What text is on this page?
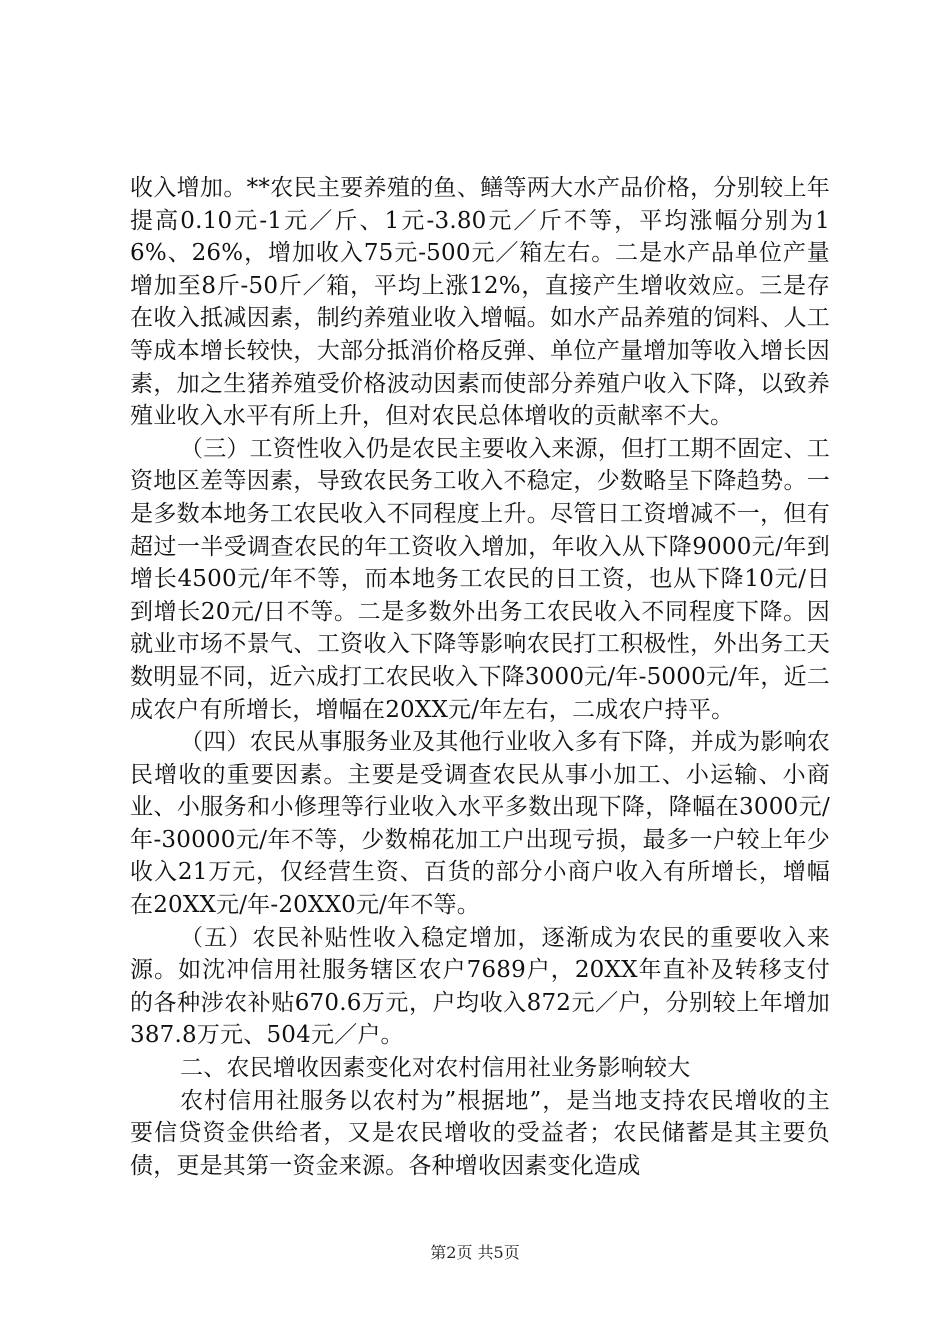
收入增加。**农民主要养殖的鱼、鳝等两大水产品价格，分别较上年提高0.10元-1元／斤、1元-3.80元／斤不等，平均涨幅分别为16%、26%，增加收入75元-500元／箱左右。二是水产品单位产量增加至8斤-50斤／箱，平均上涨12%，直接产生增收效应。三是存在收入抵减因素，制约养殖业收入增幅。如水产品养殖的饲料、人工等成本增长较快，大部分抵消价格反弹、单位产量增加等收入增长因素，加之生猪养殖受价格波动因素而使部分养殖户收入下降，以致养殖业收入水平有所上升，但对农民总体增收的贡献率不大。

（三）工资性收入仍是农民主要收入来源，但打工期不固定、工资地区差等因素，导致农民务工收入不稳定，少数略呈下降趋势。一是多数本地务工农民收入不同程度上升。尽管日工资增减不一，但有超过一半受调查农民的年工资收入增加，年收入从下降9000元/年到增长4500元/年不等，而本地务工农民的日工资，也从下降10元/日到增长20元/日不等。二是多数外出务工农民收入不同程度下降。因就业市场不景气、工资收入下降等影响农民打工积极性，外出务工天数明显不同，近六成打工农民收入下降3000元/年-5000元/年，近二成农户有所增长，增幅在20XX元/年左右，二成农户持平。

（四）农民从事服务业及其他行业收入多有下降，并成为影响农民增收的重要因素。主要是受调查农民从事小加工、小运输、小商业、小服务和小修理等行业收入水平多数出现下降，降幅在3000元/年-30000元/年不等，少数棉花加工户出现亏损，最多一户较上年少收入21万元，仅经营生资、百货的部分小商户收入有所增长，增幅在20XX元/年-20XX0元/年不等。

（五）农民补贴性收入稳定增加，逐渐成为农民的重要收入来源。如沈冲信用社服务辖区农户7689户，20XX年直补及转移支付的各种涉农补贴670.6万元，户均收入872元／户，分别较上年增加387.8万元、504元／户。

二、农民增收因素变化对农村信用社业务影响较大

农村信用社服务以农村为”根据地”，是当地支持农民增收的主要信贷资金供给者，又是农民增收的受益者；农民储蓄是其主要负债，更是其第一资金来源。各种增收因素变化造成

第2页 共5页
